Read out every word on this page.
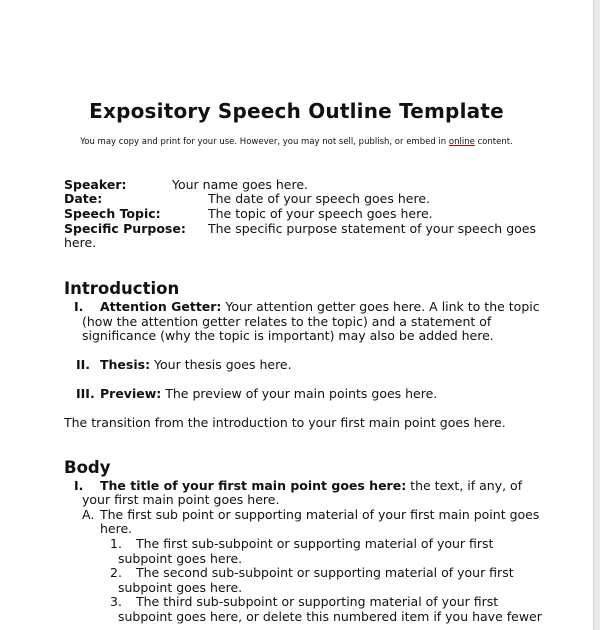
Expository Speech Outline Template
You may copy and print for your use. However, you may not sell, publish, or embed in online content.
Speaker:	Your name goes here.
Date:	The date of your speech goes here.
Speech Topic:	The topic of your speech goes here.
Specific Purpose: The specific purpose statement of your speech goes
here.
Introduction
I. Attention Getter: Your attention getter goes here. A link to the topic
(how the attention getter relates to the topic) and a statement of
significance (why the topic is important) may also be added here.
II. Thesis: Your thesis goes here.
III. Preview: The preview of your main points goes here.
The transition from the introduction to your first main point goes here.
Body
I. The title of your first main point goes here: the text, if any, of
your first main point goes here.
A. The first sub point or supporting material of your first main point goes
here.
1. The first sub-subpoint or supporting material of your first
subpoint goes here.
2. The second sub-subpoint or supporting material of your first
subpoint goes here.
3. The third sub-subpoint or supporting material of your first
subpoint goes here, or delete this numbered item if you have fewer
